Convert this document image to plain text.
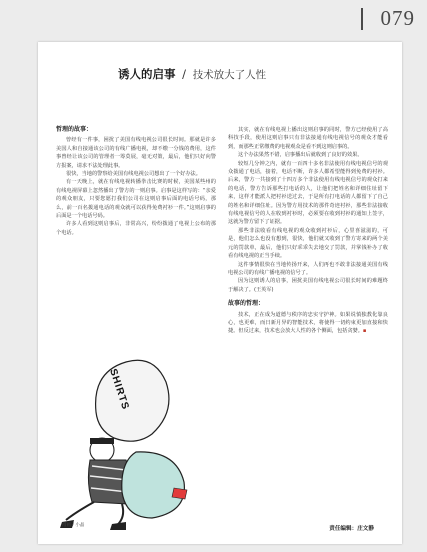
079
诱人的启事 / 技术放大了人性
哲理的故事：

曾经有一件事，困扰了美国有线电视公司很长时间。那就是许多美国人和自接通该公司的有线广播电视，却不缴一分钱的费用，这件事曾经让该公司的管理者一筹莫展，毫无对策，最后，他们只好向警方报案，请求不法处理此事。

很快，当地的警察给美国有线电视公司想出了一个好办法。

有一天晚上，就在有线电视转播拳击比赛的时候，美国某些州的有线电视屏幕上忽然播出了警方的一则启事。启事是这样写的：“亲爱的观众朋友，只要您愿打我们公司在这则启事后面的电话号码，那么，前一百名拨通电话的观众就可以获得免费衬衫一件。”这则启事的后面是一个电话号码。

许多人看到这则启事后，非常高兴，纷纷拨通了电视上公布的那个电话。

其实，就在有线电视上播出这则启事的同时，警方已经使用了高科技手段，使用这则启事只有非法接通有线电视信号的观众才能看到，而那些正常缴费的电视观众是看不到这则启事的。

这个办法果然不错，启事播出后就收到了良好的效果。

较短几分钟之内，就有一百四十多名非法使用有线电视信号的观众拨通了电话，接着，电话不断，许多人都希望能得到免费的衬衫。后来，警方一共接到了十四万多个非法使用有线电视信号的观众打来的电话，警方告诉那些打电话的人，让他们把姓名和详细住址留下来，这样才能派人把衬衫送过去，于是所有打电话的人都留下了自己的姓名和详细住址。因为警方用技术的那件奇迹衬衫，那些非法接收有线电视信号的人在收到衬衫时，必须要在收到衬衫的通知上签字，这就为警方留下了证据。

那些非法收看有线电视的观众收到衬衫后，心里喜滋滋的，可是，他们怎么也没有想到，很快，他们就又收到了警方寄来的两个美元的罚款单，最后，他们只好乖乖失去地交了罚款，并掌钱补办了收看有线电视的正当手续。

这件事情很快在当地传扬开来，人们再也不敢非法接通美国有线电视公司的有线广播电视的信号了。

因为这则诱人的启事，困扰美国有线电视公司很长时间的难题终于解决了。(王英军)

故事的哲理：

技术，正在成为道德与秩序的忠实守护神。如果说慎独教化靠良心，也更难，而日新月异的智能技术，将使得一切约束更加直接和快捷。但反过来，技术也会放大人性的各个侧面，包括贪婪。▪

SHIRTS
漫画 / 小晶
责任编辑：庄文静
